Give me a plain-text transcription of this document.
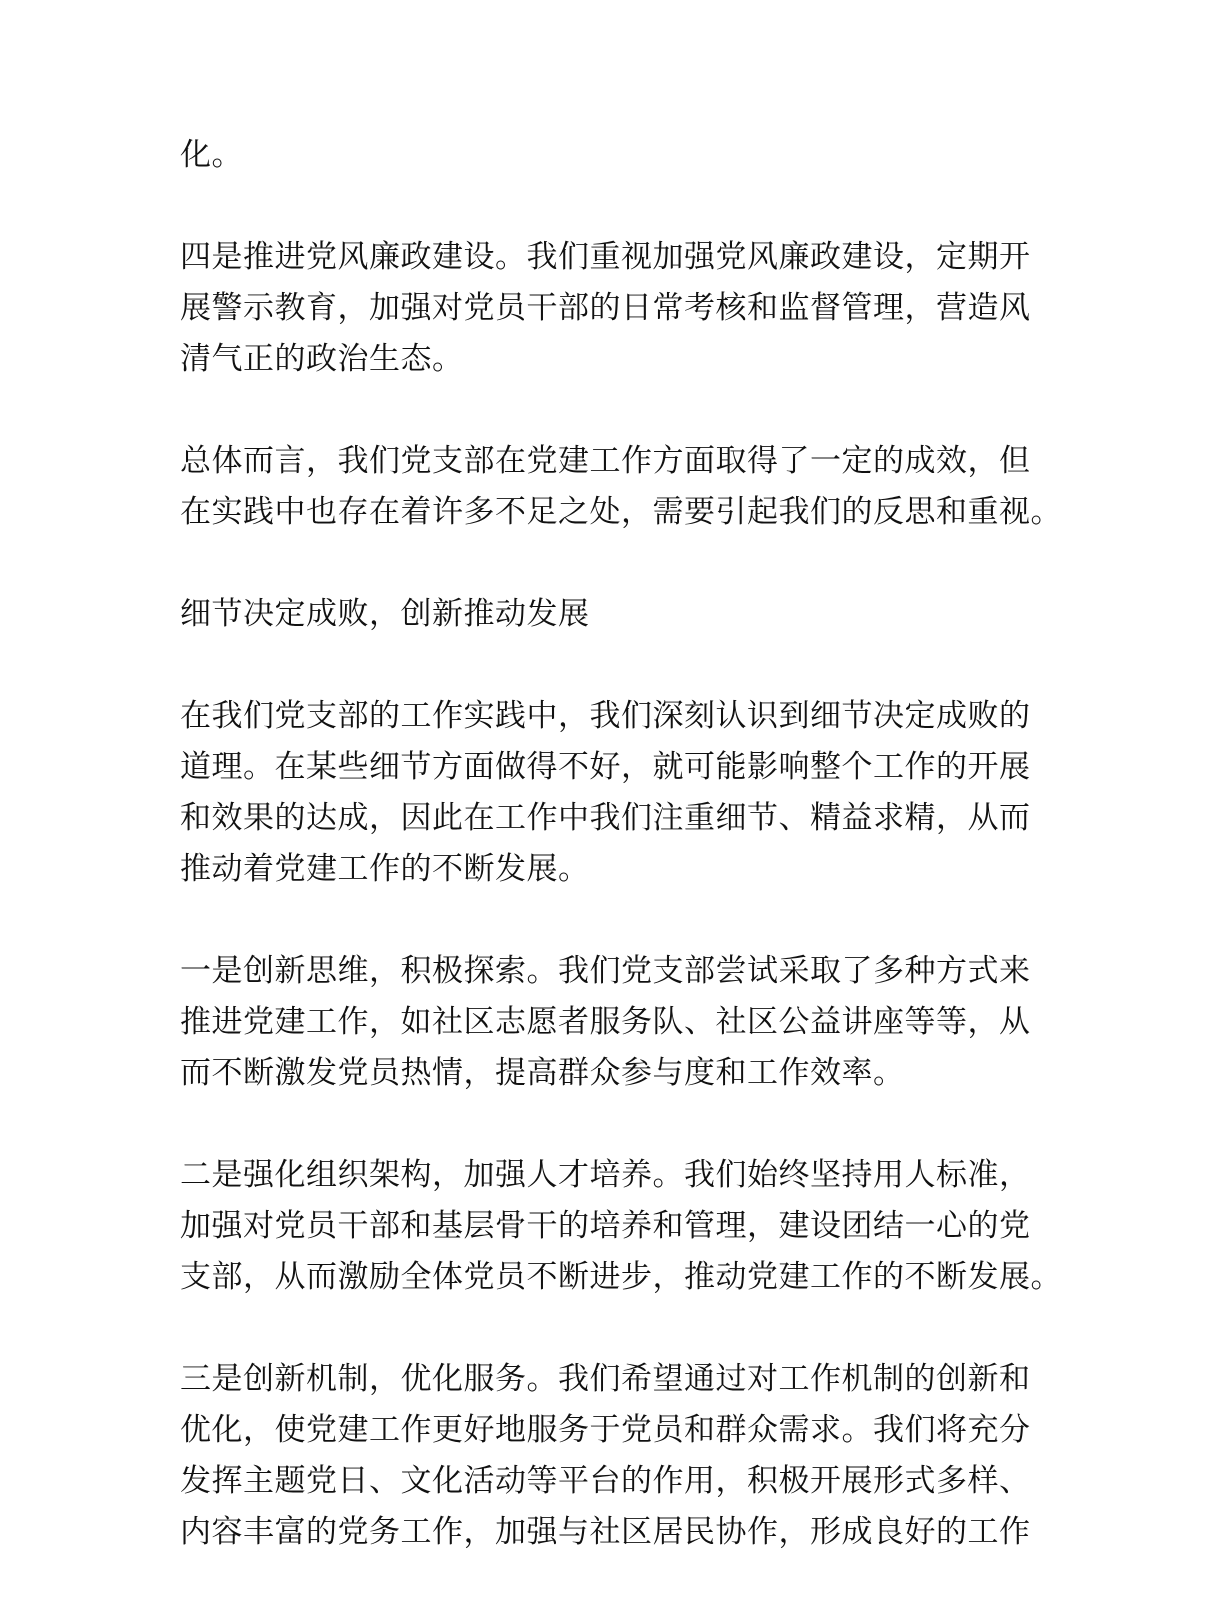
化。

四是推进党风廉政建设。我们重视加强党风廉政建设，定期开
展警示教育，加强对党员干部的日常考核和监督管理，营造风
清气正的政治生态。

总体而言，我们党支部在党建工作方面取得了一定的成效，但
在实践中也存在着许多不足之处，需要引起我们的反思和重视。

细节决定成败，创新推动发展

在我们党支部的工作实践中，我们深刻认识到细节决定成败的
道理。在某些细节方面做得不好，就可能影响整个工作的开展
和效果的达成，因此在工作中我们注重细节、精益求精，从而
推动着党建工作的不断发展。

一是创新思维，积极探索。我们党支部尝试采取了多种方式来
推进党建工作，如社区志愿者服务队、社区公益讲座等等，从
而不断激发党员热情，提高群众参与度和工作效率。

二是强化组织架构，加强人才培养。我们始终坚持用人标准，
加强对党员干部和基层骨干的培养和管理，建设团结一心的党
支部，从而激励全体党员不断进步，推动党建工作的不断发展。

三是创新机制，优化服务。我们希望通过对工作机制的创新和
优化，使党建工作更好地服务于党员和群众需求。我们将充分
发挥主题党日、文化活动等平台的作用，积极开展形式多样、
内容丰富的党务工作，加强与社区居民协作，形成良好的工作
